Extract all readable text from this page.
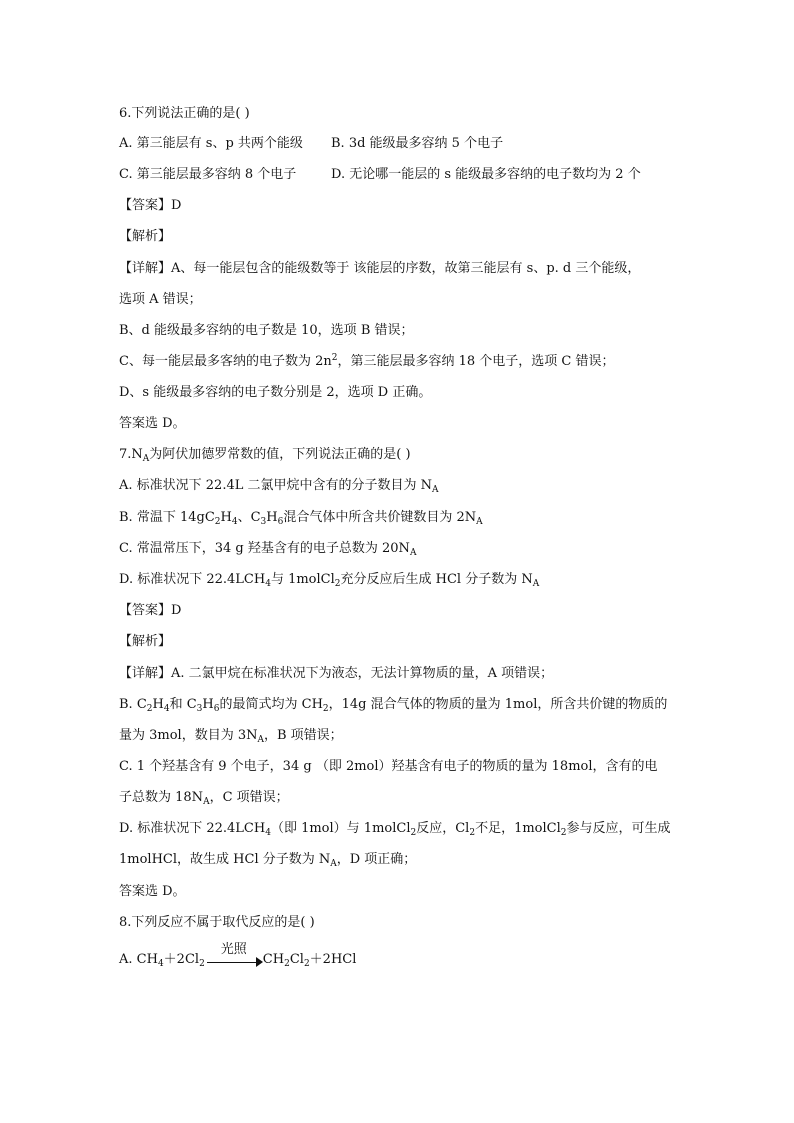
6.下列说法正确的是( )
A. 第三能层有 s、p 共两个能级 B. 3d 能级最多容纳 5 个电子
C. 第三能层最多容纳 8 个电子	D. 无论哪一能层的 s 能级最多容纳的电子数均为 2 个
【答案】D
【解析】
【详解】A、每一能层包含的能级数等于 该能层的序数，故第三能层有 s、p. d 三个能级，
选项 A 错误；
B、d 能级最多容纳的电子数是 10，选项 B 错误；
C、每一能层最多客纳的电子数为 $2n^2$，第三能层最多容纳 18 个电子，选项 C 错误；
D、s 能级最多容纳的电子数分别是 2，选项 D 正确。
答案选 D。
$7.N_A$为阿伏加德罗常数的值，下列说法正确的是( )
A. 标准状况下 22.4L 二氯甲烷中含有的分子数目为 $N_A$
B. 常温下 $14gC_2H_4$、$C_3H_6$混合气体中所含共价键数目为 $2N_A$
C. 常温常压下，34 g 羟基含有的电子总数为 $20N_A$
D. 标准状况下 $22.4LCH_4$与 1molCl$_2$充分反应后生成 HCl 分子数为 $N_A$
【答案】D
【解析】
【详解】A. 二氯甲烷在标准状况下为液态，无法计算物质的量，A 项错误；
B. $C_2H_4$和 $C_3H_6$的最简式均为 $CH_2$，14g 混合气体的物质的量为 1mol，所含共价键的物质的
量为 3mol，数目为 $3N_A$，B 项错误；
C. 1 个羟基含有 9 个电子，34 g （即 2mol）羟基含有电子的物质的量为 18mol，含有的电
子总数为 $18N_A$，C 项错误；
D. 标准状况下 $22.4LCH_4$（即 1mol）与 1molCl$_2$反应，$Cl_2$不足，1molCl$_2$参与反应，可生成
1molHCl，故生成 HCl 分子数为 $N_A$，D 项正确；
答案选 D。
8.下列反应不属于取代反应的是( )
A. $CH_4+2Cl_2$
光照
$CH_2Cl_2+2HCl$
